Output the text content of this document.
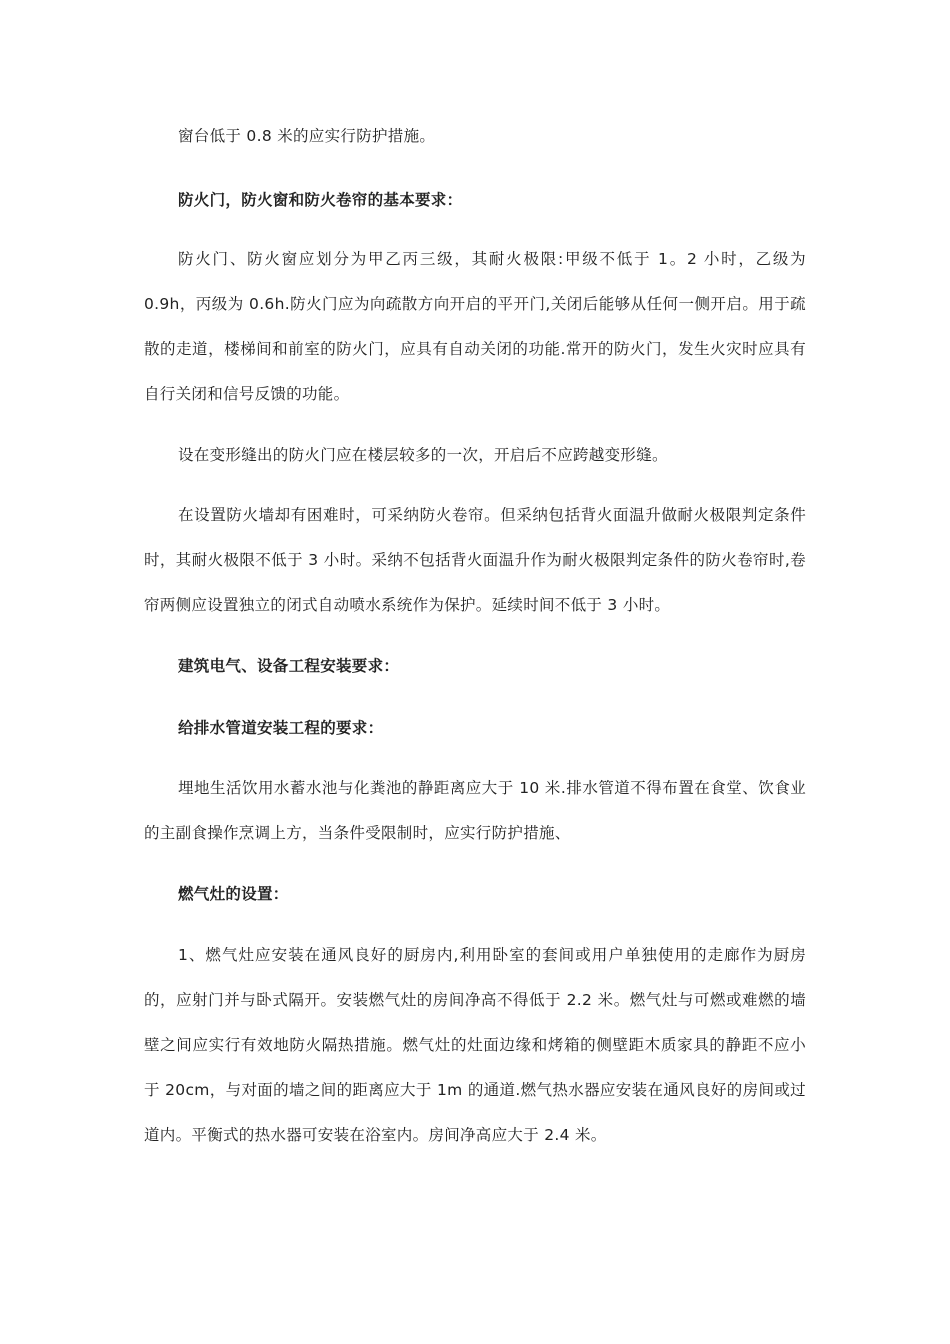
窗台低于 0.8 米的应实行防护措施。

防火门，防火窗和防火卷帘的基本要求：

防火门、防火窗应划分为甲乙丙三级，其耐火极限:甲级不低于 1。2 小时，乙级为 0.9h，丙级为 0.6h.防火门应为向疏散方向开启的平开门,关闭后能够从任何一侧开启。用于疏散的走道，楼梯间和前室的防火门，应具有自动关闭的功能.常开的防火门，发生火灾时应具有自行关闭和信号反馈的功能。

设在变形缝出的防火门应在楼层较多的一次，开启后不应跨越变形缝。

在设置防火墙却有困难时，可采纳防火卷帘。但采纳包括背火面温升做耐火极限判定条件时，其耐火极限不低于 3 小时。采纳不包括背火面温升作为耐火极限判定条件的防火卷帘时,卷帘两侧应设置独立的闭式自动喷水系统作为保护。延续时间不低于 3 小时。

建筑电气、设备工程安装要求：

给排水管道安装工程的要求：

埋地生活饮用水蓄水池与化粪池的静距离应大于 10 米.排水管道不得布置在食堂、饮食业的主副食操作烹调上方，当条件受限制时，应实行防护措施、

燃气灶的设置：

1、燃气灶应安装在通风良好的厨房内,利用卧室的套间或用户单独使用的走廊作为厨房的，应射门并与卧式隔开。安装燃气灶的房间净高不得低于 2.2 米。燃气灶与可燃或难燃的墙壁之间应实行有效地防火隔热措施。燃气灶的灶面边缘和烤箱的侧壁距木质家具的静距不应小于 20cm，与对面的墙之间的距离应大于 1m 的通道.燃气热水器应安装在通风良好的房间或过道内。平衡式的热水器可安装在浴室内。房间净高应大于 2.4 米。
